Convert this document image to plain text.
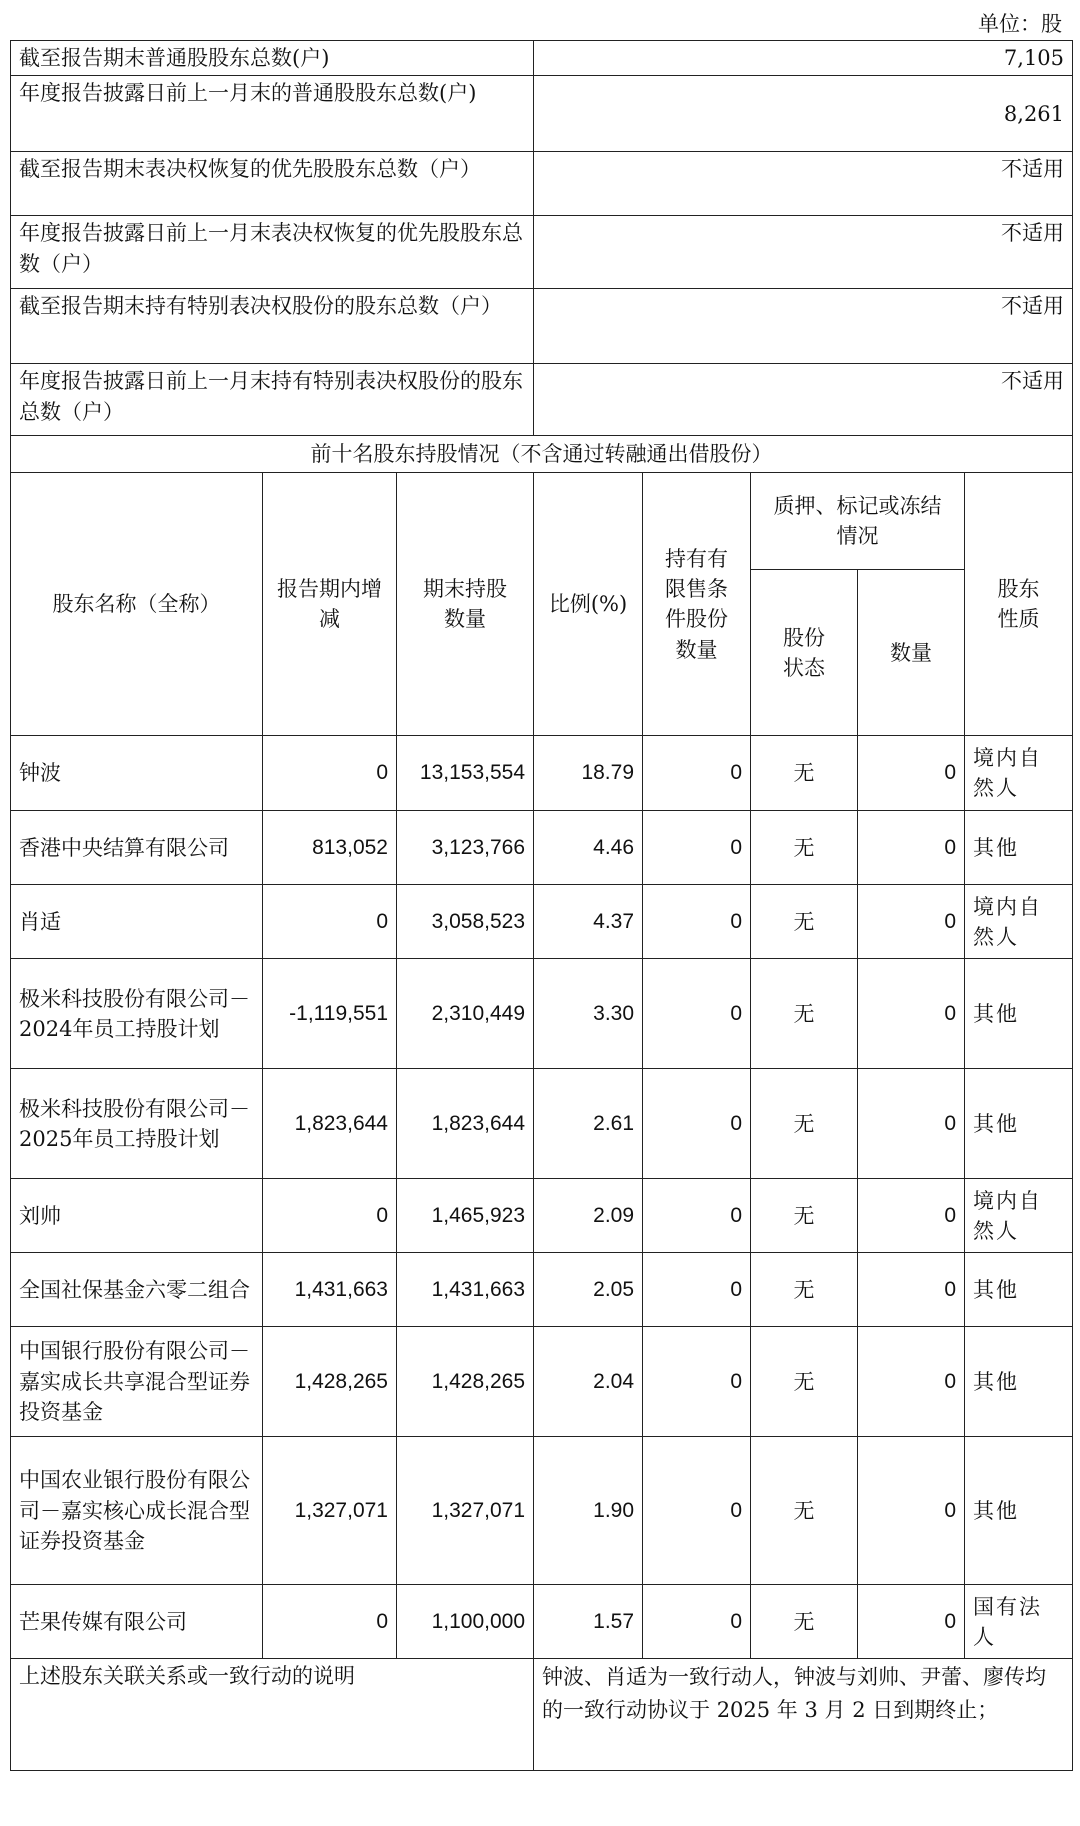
单位：股
截至报告期末普通股股东总数(户)			7,105				
年度报告披露日前上一月末的普通股股东总数(户)			8,261				
截至报告期末表决权恢复的优先股股东总数（户）			不适用				
年度报告披露日前上一月末表决权恢复的优先股股东总数（户）			不适用				
截至报告期末持有特别表决权股份的股东总数（户）			不适用				
年度报告披露日前上一月末持有特别表决权股份的股东总数（户）			不适用				
前十名股东持股情况（不含通过转融通出借股份）							
股东名称（全称）	报告期内增减	期末持股数量	比例(%)	持有有限售条件股份数量	质押、标记或冻结情况		股东性质
					股份状态	数量	
钟波	0	13,153,554	18.79	0	无	0	境内自然人
香港中央结算有限公司	813,052	3,123,766	4.46	0	无	0	其他
肖适	0	3,058,523	4.37	0	无	0	境内自然人
极米科技股份有限公司－2024年员工持股计划	-1,119,551	2,310,449	3.30	0	无	0	其他
极米科技股份有限公司－2025年员工持股计划	1,823,644	1,823,644	2.61	0	无	0	其他
刘帅	0	1,465,923	2.09	0	无	0	境内自然人
全国社保基金六零二组合	1,431,663	1,431,663	2.05	0	无	0	其他
中国银行股份有限公司－嘉实成长共享混合型证券投资基金	1,428,265	1,428,265	2.04	0	无	0	其他
中国农业银行股份有限公司－嘉实核心成长混合型证券投资基金	1,327,071	1,327,071	1.90	0	无	0	其他
芒果传媒有限公司	0	1,100,000	1.57	0	无	0	国有法人
上述股东关联关系或一致行动的说明			钟波、肖适为一致行动人，钟波与刘帅、尹蕾、廖传均的一致行动协议于 2025 年 3 月 2 日到期终止；				
